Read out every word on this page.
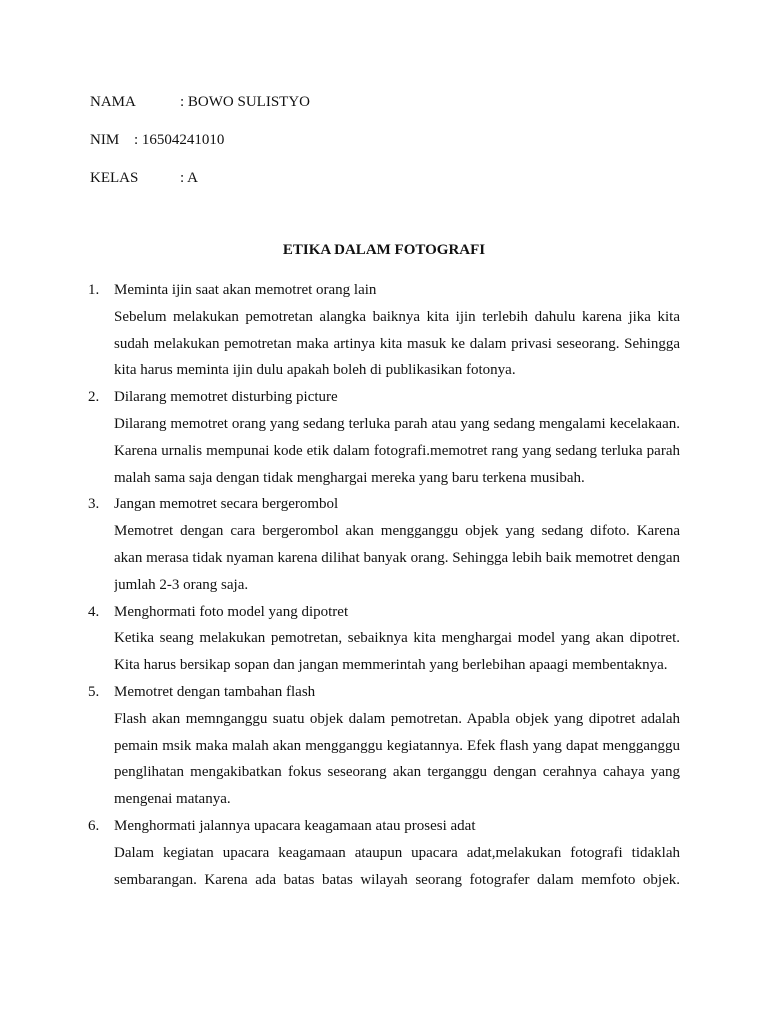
NAMA	: BOWO SULISTYO
NIM : 16504241010
KELAS	: A
ETIKA DALAM FOTOGRAFI
1. Meminta ijin saat akan memotret orang lain
Sebelum melakukan pemotretan alangka baiknya kita ijin terlebih dahulu karena jika kita
sudah melakukan pemotretan maka artinya kita masuk ke dalam privasi seseorang. Sehingga
kita harus meminta ijin dulu apakah boleh di publikasikan fotonya.
2. Dilarang memotret disturbing picture
Dilarang memotret orang yang sedang terluka parah atau yang sedang mengalami kecelakaan.
Karena urnalis mempunai kode etik dalam fotografi.memotret rang yang sedang terluka parah
malah sama saja dengan tidak menghargai mereka yang baru terkena musibah.
3. Jangan memotret secara bergerombol
Memotret dengan cara bergerombol akan mengganggu objek yang sedang difoto. Karena
akan merasa tidak nyaman karena dilihat banyak orang. Sehingga lebih baik memotret dengan
jumlah 2-3 orang saja.
4. Menghormati foto model yang dipotret
Ketika seang melakukan pemotretan, sebaiknya kita menghargai model yang akan dipotret.
Kita harus bersikap sopan dan jangan memmerintah yang berlebihan apaagi membentaknya.
5. Memotret dengan tambahan flash
Flash akan memnganggu suatu objek dalam pemotretan. Apabla objek yang dipotret adalah
pemain msik maka malah akan mengganggu kegiatannya. Efek flash yang dapat mengganggu
penglihatan mengakibatkan fokus seseorang akan terganggu dengan cerahnya cahaya yang
mengenai matanya.
6. Menghormati jalannya upacara keagamaan atau prosesi adat
Dalam kegiatan upacara keagamaan ataupun upacara adat,melakukan fotografi tidaklah
sembarangan. Karena ada batas batas wilayah seorang fotografer dalam memfoto objek.
